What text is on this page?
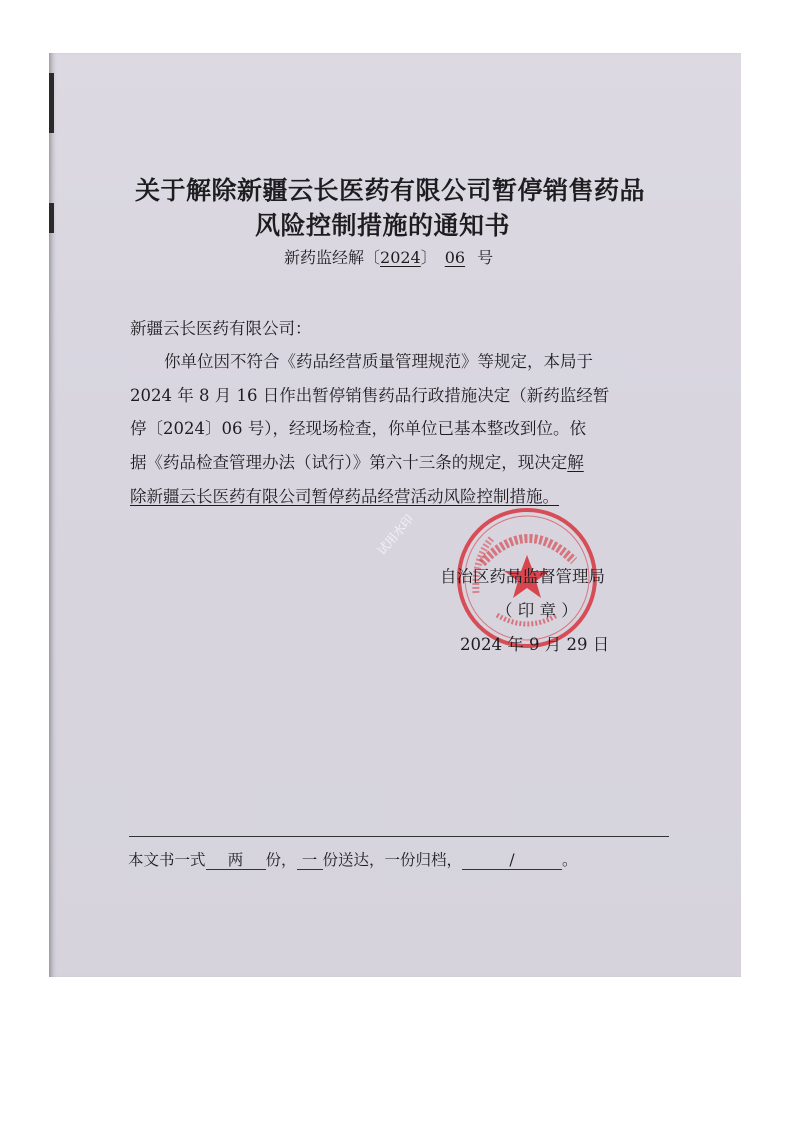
关于解除新疆云长医药有限公司暂停销售药品
风险控制措施的通知书
新药监经解〔2024〕 06 号
新疆云长医药有限公司：
你单位因不符合《药品经营质量管理规范》等规定，本局于
2024 年 8 月 16 日作出暂停销售药品行政措施决定（新药监经暂
停〔2024〕06 号），经现场检查，你单位已基本整改到位。依
据《药品检查管理办法（试行）》第六十三条的规定，现决定解
除新疆云长医药有限公司暂停药品经营活动风险控制措施。
试用水印
自治区药品监督管理局
（ 印 章 ）
2024 年 9 月 29 日
本文书一式 两 份， 一 份送达，一份归档，	/	。
